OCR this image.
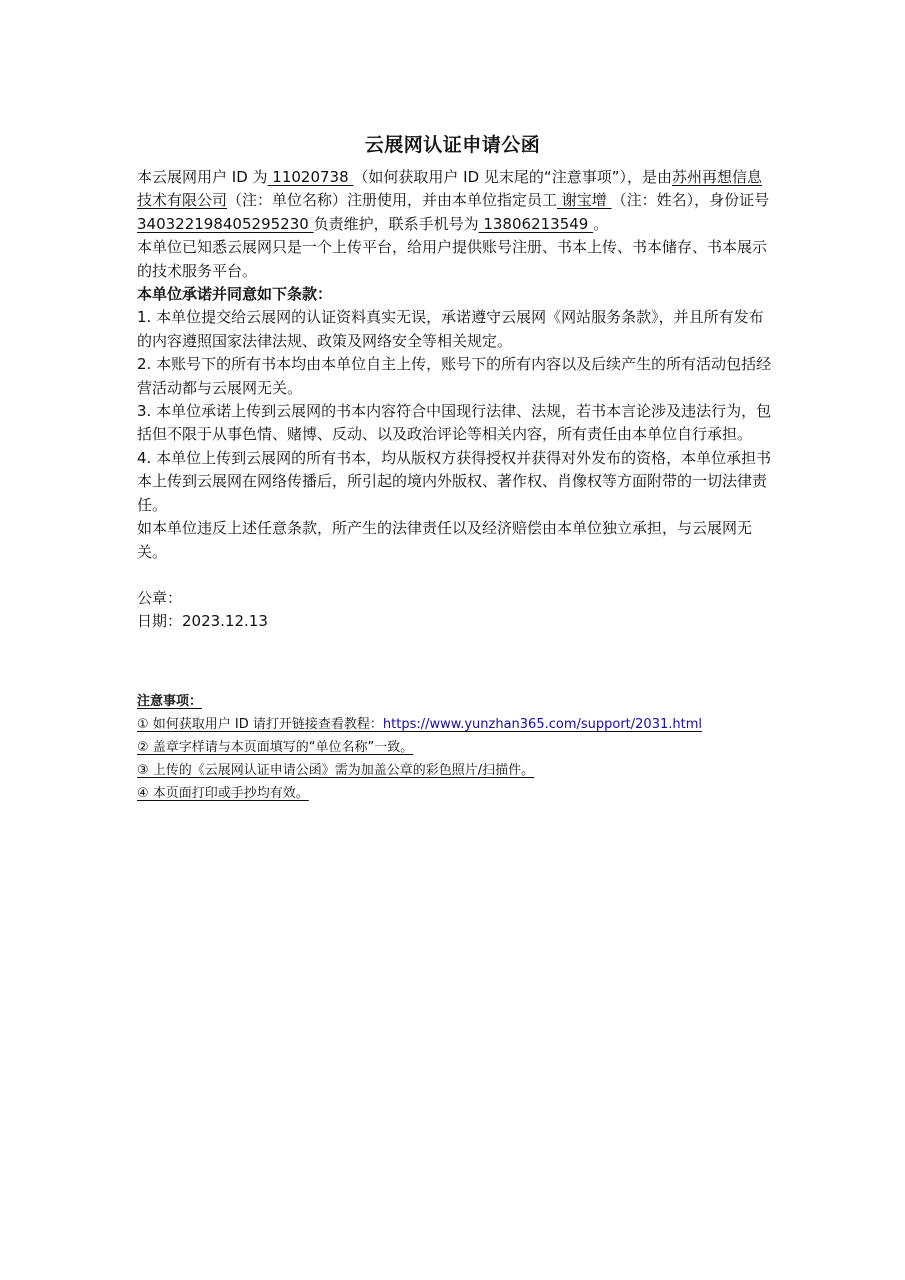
云展网认证申请公函

本云展网用户 ID 为 11020738 （如何获取用户 ID 见末尾的“注意事项”），是由苏州再想信息技术有限公司（注：单位名称）注册使用，并由本单位指定员工 谢宝增 （注：姓名），身份证号 340322198405295230 负责维护，联系手机号为 13806213549 。

本单位已知悉云展网只是一个上传平台，给用户提供账号注册、书本上传、书本储存、书本展示的技术服务平台。

本单位承诺并同意如下条款：

1. 本单位提交给云展网的认证资料真实无误，承诺遵守云展网《网站服务条款》，并且所有发布的内容遵照国家法律法规、政策及网络安全等相关规定。

2. 本账号下的所有书本均由本单位自主上传，账号下的所有内容以及后续产生的所有活动包括经营活动都与云展网无关。

3. 本单位承诺上传到云展网的书本内容符合中国现行法律、法规，若书本言论涉及违法行为，包括但不限于从事色情、赌博、反动、以及政治评论等相关内容，所有责任由本单位自行承担。

4. 本单位上传到云展网的所有书本，均从版权方获得授权并获得对外发布的资格，本单位承担书本上传到云展网在网络传播后，所引起的境内外版权、著作权、肖像权等方面附带的一切法律责任。

如本单位违反上述任意条款，所产生的法律责任以及经济赔偿由本单位独立承担，与云展网无关。

公章：

日期：2023.12.13

注意事项：

① 如何获取用户 ID 请打开链接查看教程：https://www.yunzhan365.com/support/2031.html

② 盖章字样请与本页面填写的“单位名称”一致。

③ 上传的《云展网认证申请公函》需为加盖公章的彩色照片/扫描件。

④ 本页面打印或手抄均有效。
